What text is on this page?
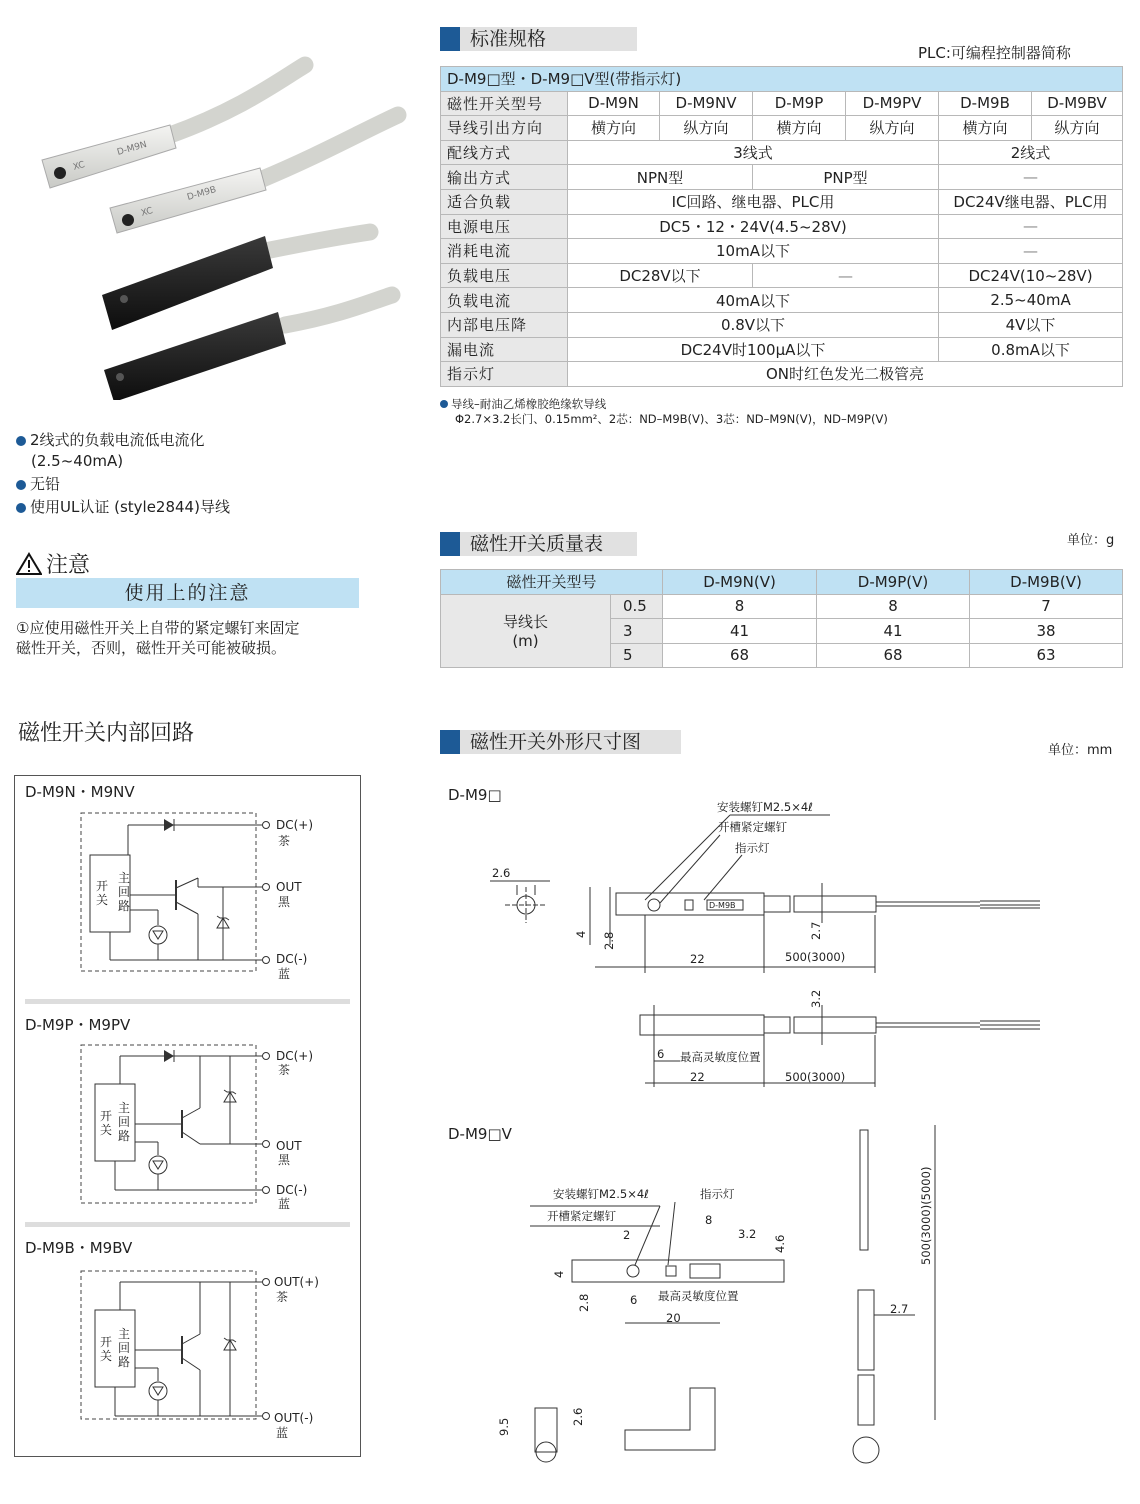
XC
D-M9N
XC
D-M9B
2线式的负载电流低电流化
(2.5~40mA)
无铅
使用UL认证 (style2844)导线
注意
使用上的注意
①应使用磁性开关上自带的紧定螺钉来固定
磁性开关，否则，磁性开关可能被破损。
磁性开关内部回路
D-M9N・M9NV
D-M9P・M9PV
D-M9B・M9BV
主
回
路
开
关
DC(+)
茶
OUT
黑
DC(-)
蓝
主
回
路
开
关
DC(+)
茶
OUT
黑
DC(-)
蓝
主
回
路
开
关
OUT(+)
茶
OUT(-)
蓝
标准规格
PLC:可编程控制器简称
D-M9□型・D-M9□V型(带指示灯)						
磁性开关型号	D-M9N	D-M9NV	D-M9P	D-M9PV	D-M9B	D-M9BV
导线引出方向	横方向	纵方向	横方向	纵方向	横方向	纵方向
配线方式	3线式				2线式	
输出方式	NPN型		PNP型		—	
适合负载	IC回路、继电器、PLC用				DC24V继电器、PLC用	
电源电压	DC5・12・24V(4.5~28V)				—	
消耗电流	10mA以下				—	
负载电压	DC28V以下		—		DC24V(10~28V)	
负载电流	40mA以下				2.5~40mA	
内部电压降	0.8V以下				4V以下	
漏电流	DC24V时100μA以下				0.8mA以下	
指示灯	ON时红色发光二极管亮					
导线–耐油乙烯橡胶绝缘软导线
Φ2.7×3.2长门、0.15mm²、2芯：ND–M9B(V)、3芯：ND–M9N(V)，ND–M9P(V)
磁性开关质量表	单位：g
磁性开关型号		D-M9N(V)	D-M9P(V)	D-M9B(V)

导线长
(m)	0.5	8	8	7
	3	41	41	38
	5	68	68	63
磁性开关外形尺寸图	单位：mm
D-M9□
D-M9□V
2.6
D-M9B
安装螺钉M2.5×4ℓ
开槽紧定螺钉
指示灯
22	500(3000)
4 2.8
2.7
3.2
6 最高灵敏度位置
22	500(3000)
安装螺钉M2.5×4ℓ	指示灯
开槽紧定螺钉
2
8
3.2
4.6
4
2.8	6 最高灵敏度位置
20
9.5
2.6
500(3000)(5000)
2.7
